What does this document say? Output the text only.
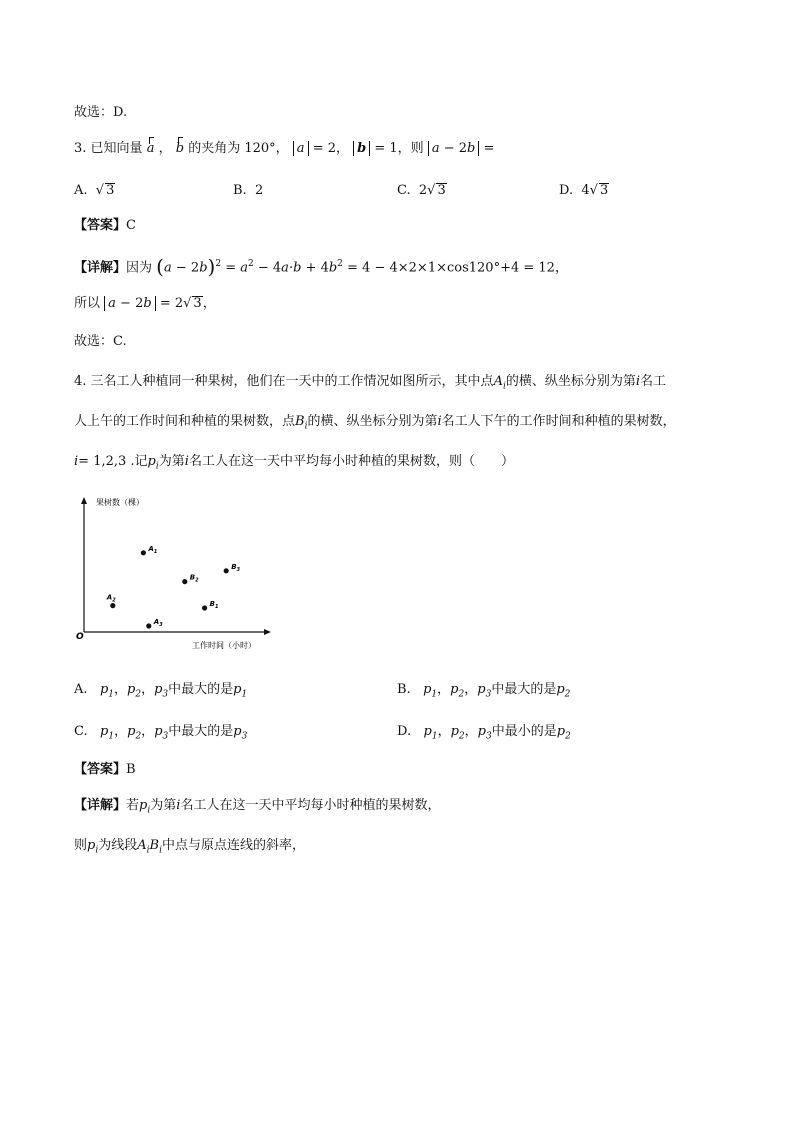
故选：D.
3. 已知向量 a ， b 的夹角为 120°， a = 2， b = 1，则 a − 2b =
A.  √ 3	B. 2	C. 2√ 3	D. 4√ 3
【答案】C
【详解】因为 $(a - 2b)^2 = a^2 - 4a\cdot b + 4b^2 = 4 - 4\times 2\times 1\times\cos 120^\circ+4 = 12$，
所以 a − 2b = 2√ 3，
故选：C.
4. 三名工人种植同一种果树，他们在一天中的工作情况如图所示，其中点$A_i$的横、纵坐标分别为第i名工
人上午的工作时间和种植的果树数，点$B_i$的横、纵坐标分别为第i名工人下午的工作时间和种植的果树数，
i= 1,2,3 .记$p_i$为第i名工人在这一天中平均每小时种植的果树数，则（　　）
果树数（棵）
工作时间（小时）
O
$A_1$
$A_2$
$A_3$
$B_1$
$B_2$
$B_3$
A. $p_1$，$p_2$，$p_3$中最大的是$p_1$	B. $p_1$，$p_2$，$p_3$中最大的是$p_2$
C. $p_1$，$p_2$，$p_3$中最大的是$p_3$	D. $p_1$，$p_2$，$p_3$中最小的是$p_2$
【答案】B
【详解】若$p_i$为第i名工人在这一天中平均每小时种植的果树数，
则$p_i$为线段$A_iB_i$中点与原点连线的斜率，
